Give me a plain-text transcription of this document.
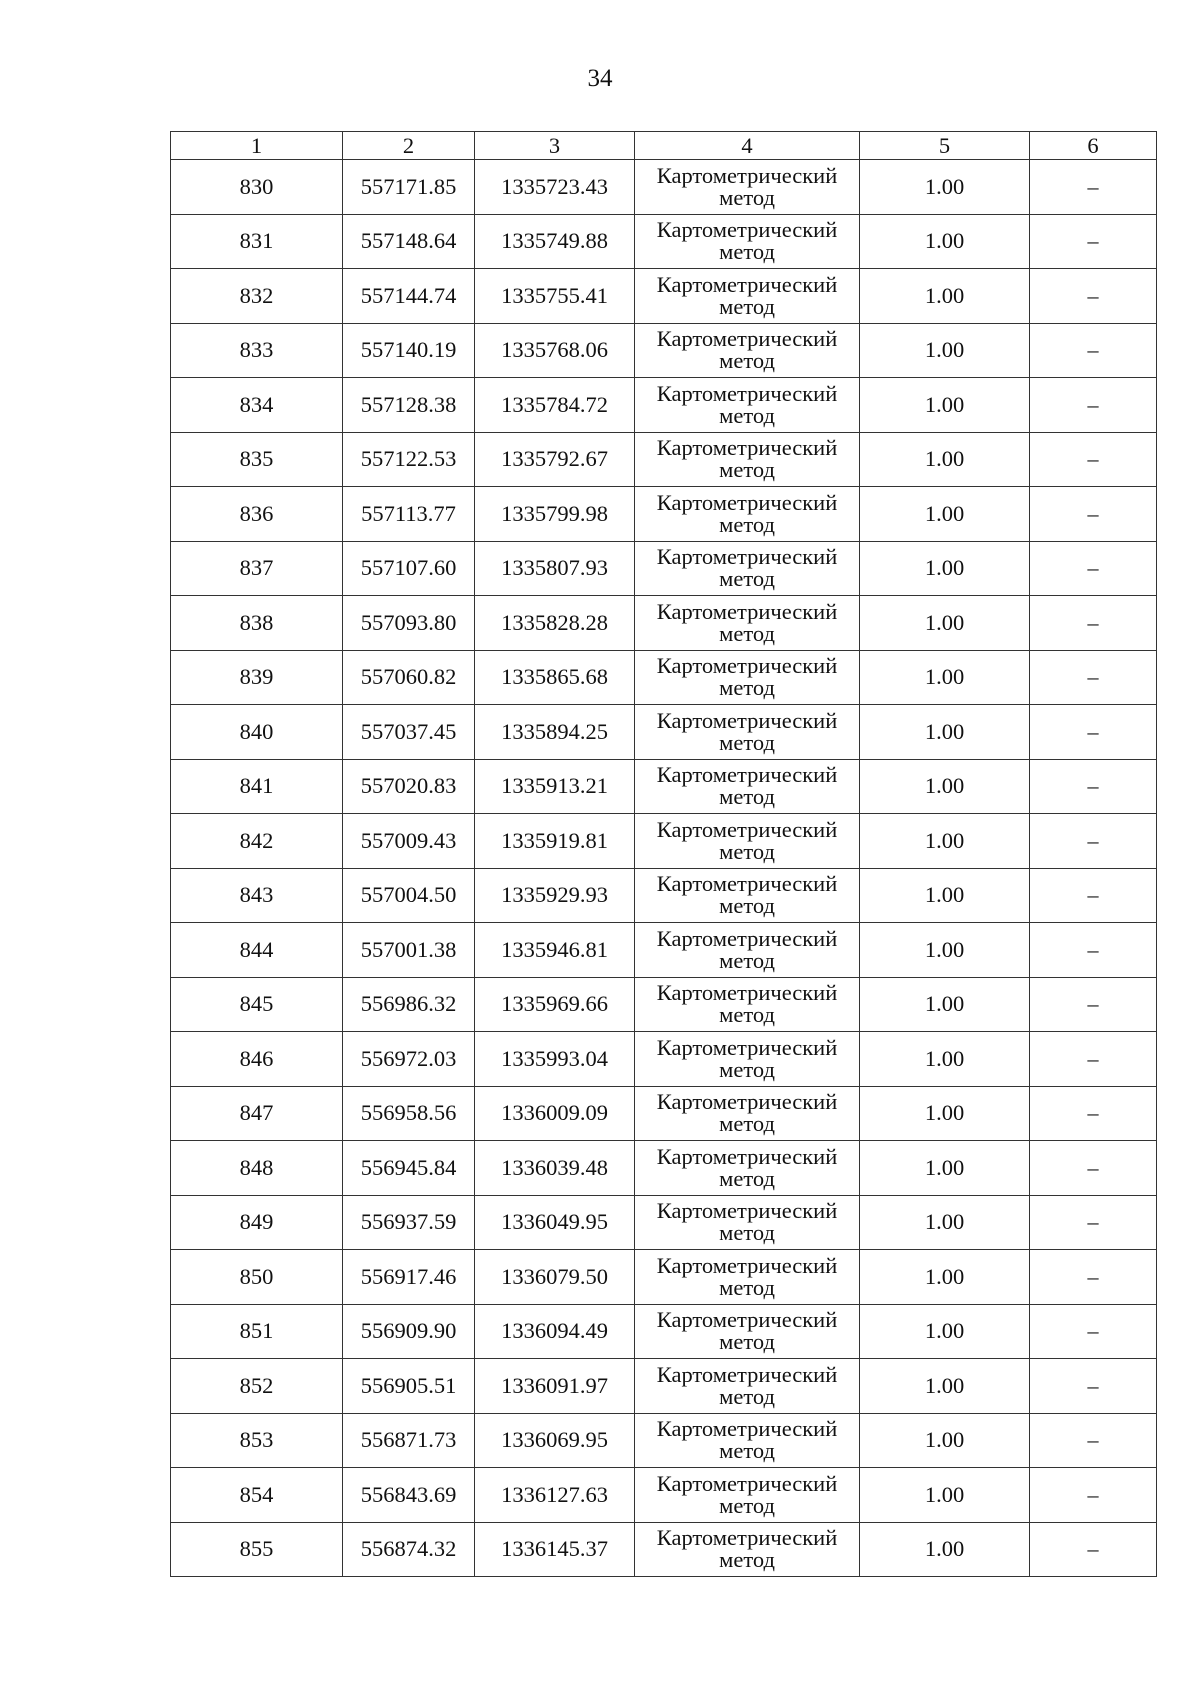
34
1	2	3	4	5	6
830	557171.85	1335723.43	Картометрический метод	1.00	–
831	557148.64	1335749.88	Картометрический метод	1.00	–
832	557144.74	1335755.41	Картометрический метод	1.00	–
833	557140.19	1335768.06	Картометрический метод	1.00	–
834	557128.38	1335784.72	Картометрический метод	1.00	–
835	557122.53	1335792.67	Картометрический метод	1.00	–
836	557113.77	1335799.98	Картометрический метод	1.00	–
837	557107.60	1335807.93	Картометрический метод	1.00	–
838	557093.80	1335828.28	Картометрический метод	1.00	–
839	557060.82	1335865.68	Картометрический метод	1.00	–
840	557037.45	1335894.25	Картометрический метод	1.00	–
841	557020.83	1335913.21	Картометрический метод	1.00	–
842	557009.43	1335919.81	Картометрический метод	1.00	–
843	557004.50	1335929.93	Картометрический метод	1.00	–
844	557001.38	1335946.81	Картометрический метод	1.00	–
845	556986.32	1335969.66	Картометрический метод	1.00	–
846	556972.03	1335993.04	Картометрический метод	1.00	–
847	556958.56	1336009.09	Картометрический метод	1.00	–
848	556945.84	1336039.48	Картометрический метод	1.00	–
849	556937.59	1336049.95	Картометрический метод	1.00	–
850	556917.46	1336079.50	Картометрический метод	1.00	–
851	556909.90	1336094.49	Картометрический метод	1.00	–
852	556905.51	1336091.97	Картометрический метод	1.00	–
853	556871.73	1336069.95	Картометрический метод	1.00	–
854	556843.69	1336127.63	Картометрический метод	1.00	–
855	556874.32	1336145.37	Картометрический метод	1.00	–
